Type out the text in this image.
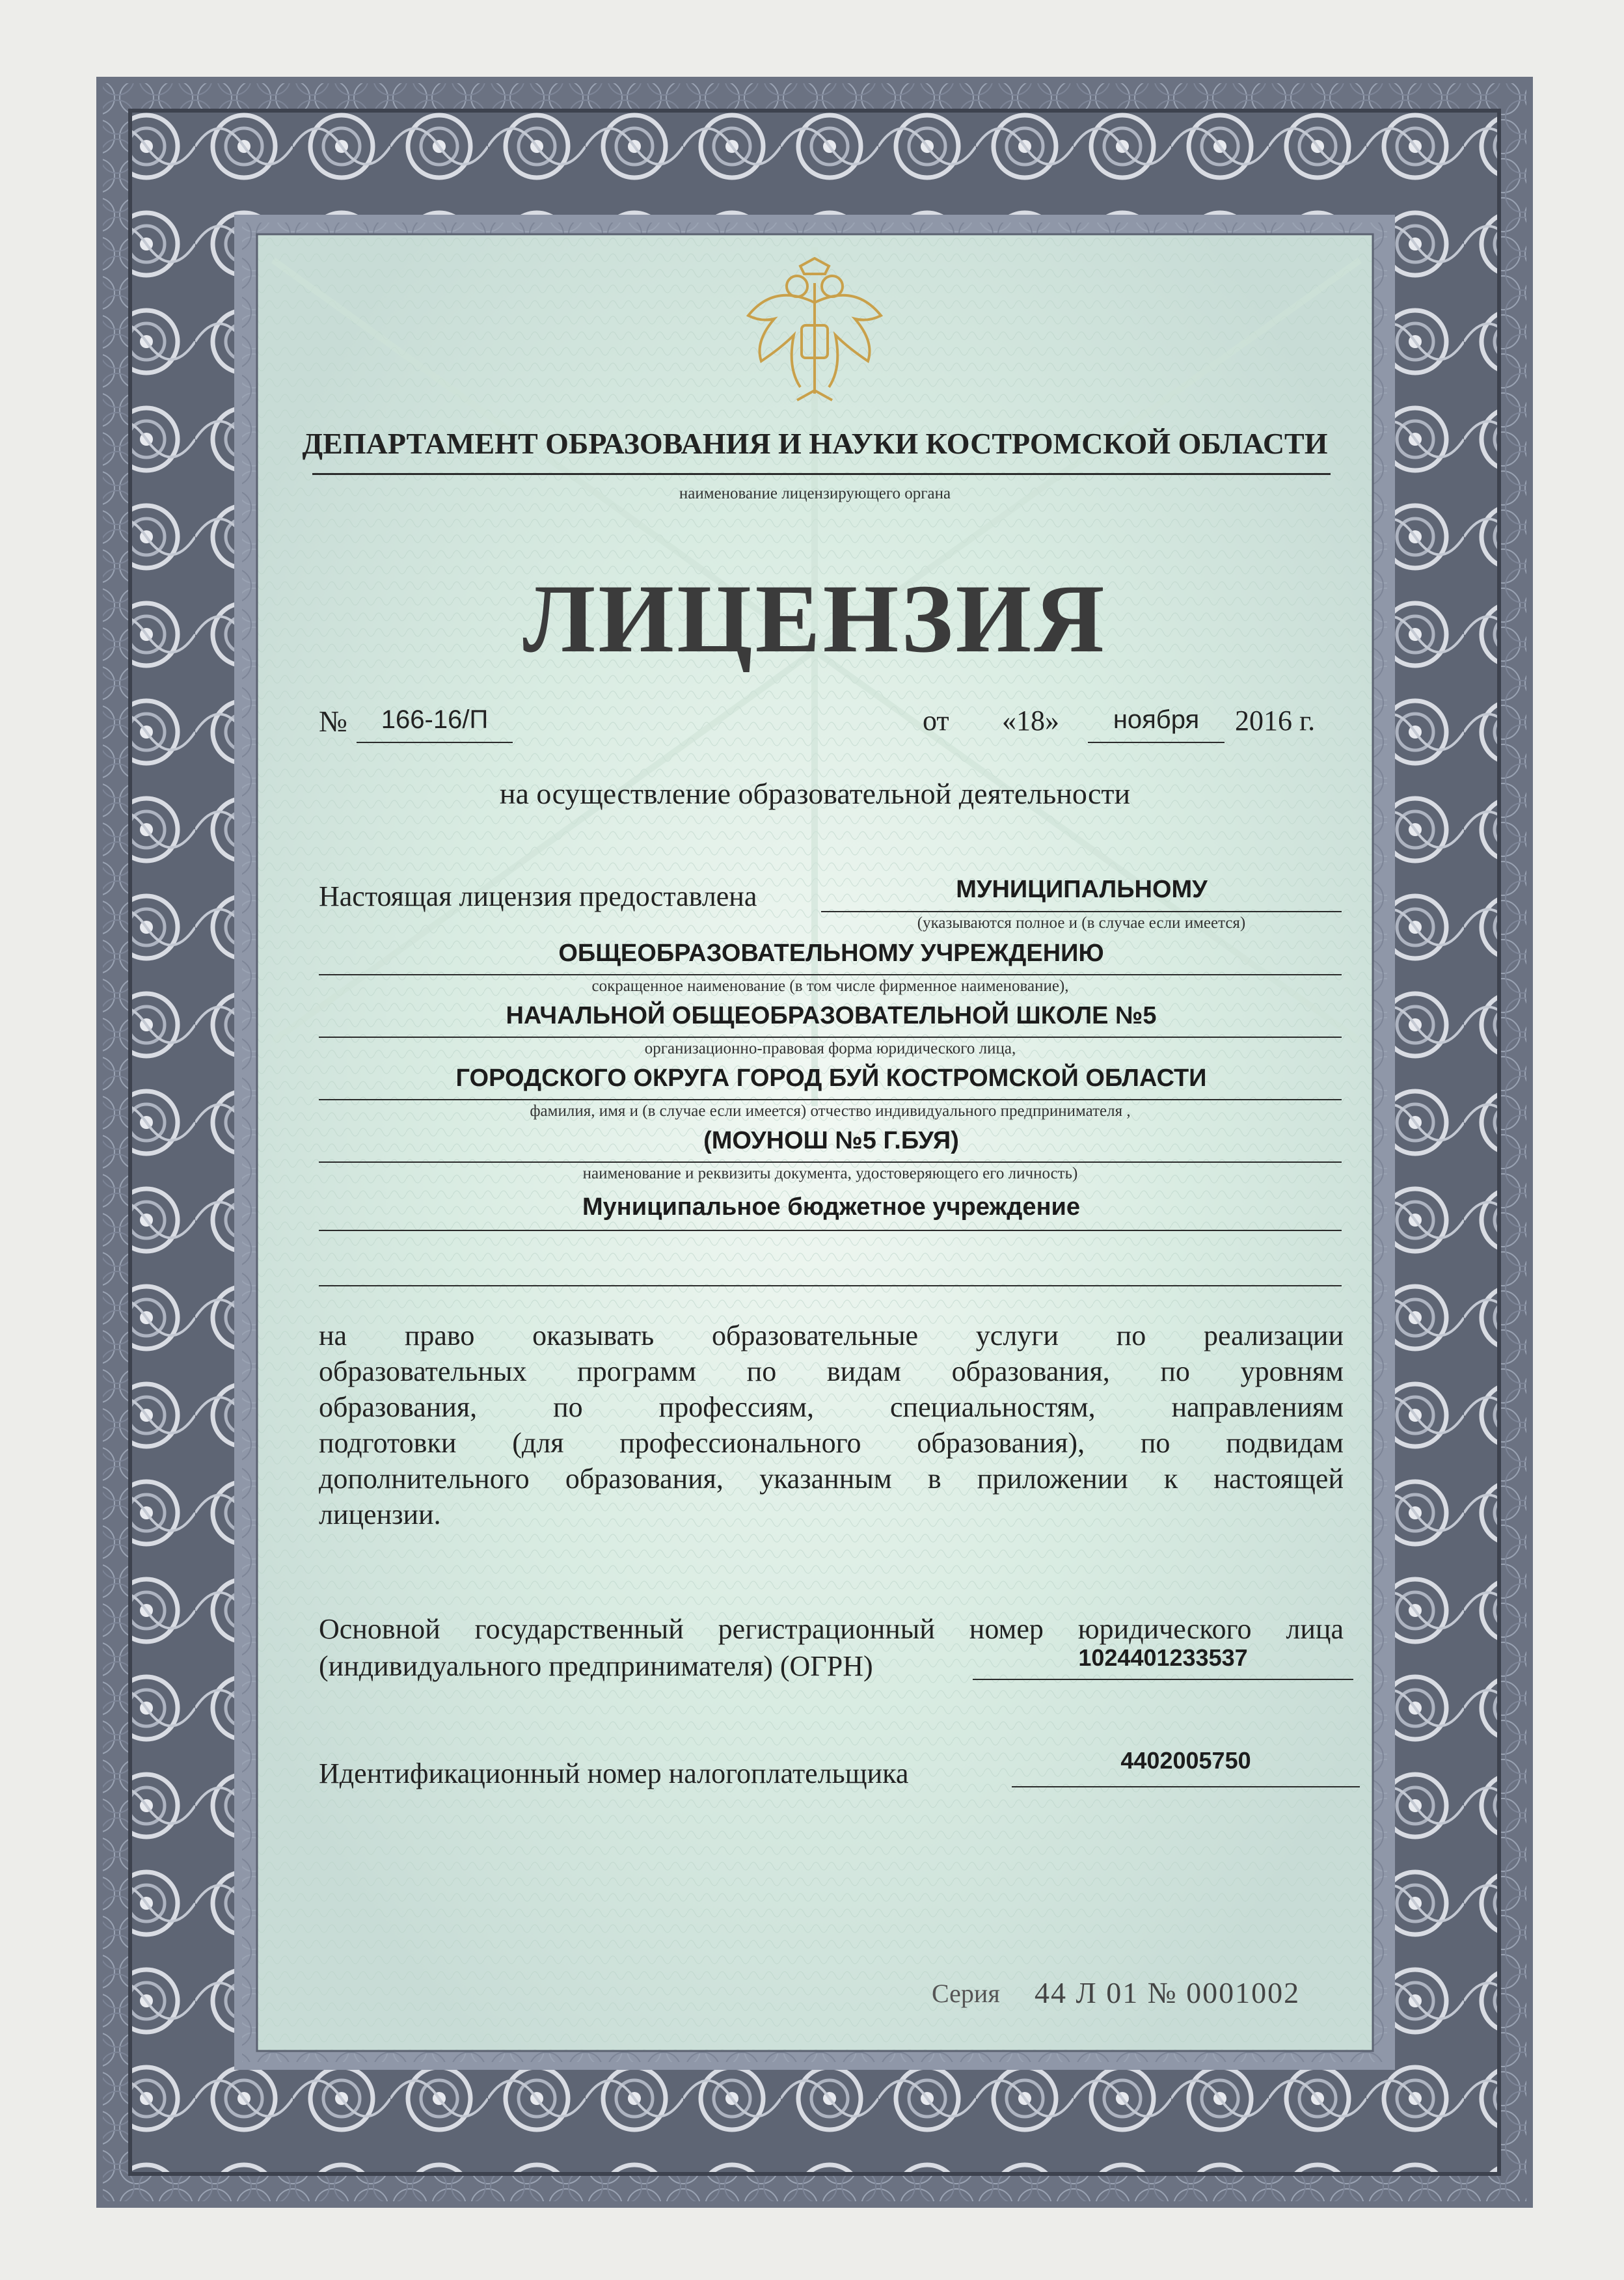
ДЕПАРТАМЕНТ ОБРАЗОВАНИЯ И НАУКИ КОСТРОМСКОЙ ОБЛАСТИ
наименование лицензирующего органа
ЛИЦЕНЗИЯ
№	166-16/П	от «18»	ноября	2016 г.
на осуществление образовательной деятельности
Настоящая лицензия предоставлена	МУНИЦИПАЛЬНОМУ
(указываются полное и (в случае если имеется)
ОБЩЕОБРАЗОВАТЕЛЬНОМУ УЧРЕЖДЕНИЮ
сокращенное наименование (в том числе фирменное наименование),
НАЧАЛЬНОЙ ОБЩЕОБРАЗОВАТЕЛЬНОЙ ШКОЛЕ №5
организационно-правовая форма юридического лица,
ГОРОДСКОГО ОКРУГА ГОРОД БУЙ КОСТРОМСКОЙ ОБЛАСТИ
фамилия, имя и (в случае если имеется) отчество индивидуального предпринимателя ,
(МОУНОШ №5 Г.БУЯ)
наименование и реквизиты документа, удостоверяющего его личность)
Муниципальное бюджетное учреждение
на право оказывать образовательные услуги по реализации
образовательных программ по видам образования, по уровням
образования, по профессиям, специальностям, направлениям
подготовки (для профессионального образования), по подвидам
дополнительного образования, указанным в приложении к настоящей
лицензии.
Основной государственный регистрационный номер юридического лица
(индивидуального предпринимателя) (ОГРН)	1024401233537
Идентификационный номер налогоплательщика	4402005750
Серия 44 Л 01 № 0001002
